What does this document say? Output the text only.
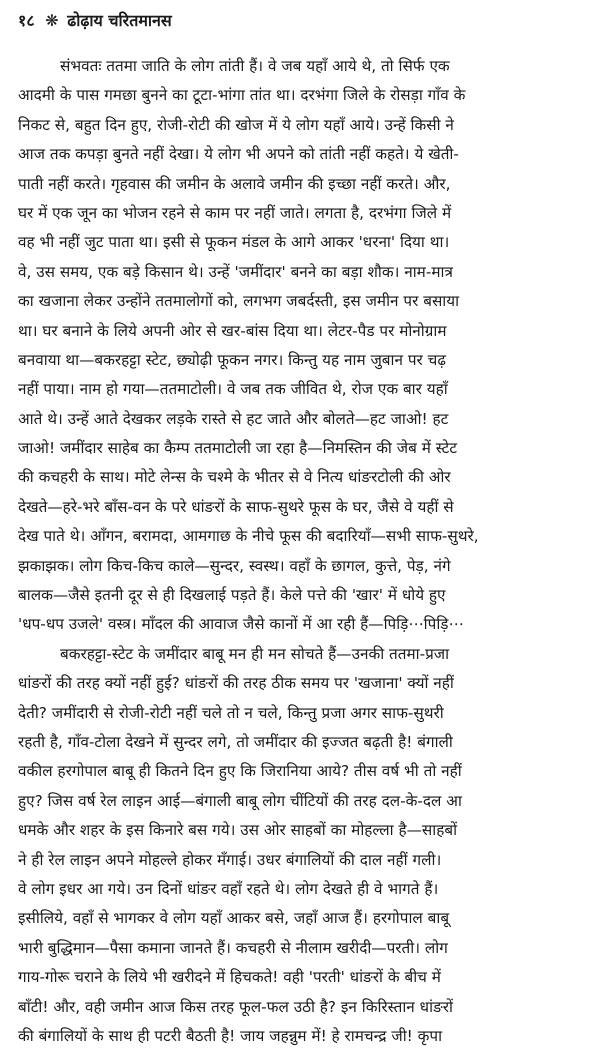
१८ ❋ ढोढ़ाय चरितमानस
संभवतः ततमा जाति के लोग तांती हैं। वे जब यहाँ आये थे, तो सिर्फ एक
आदमी के पास गमछा बुनने का टूटा-भांगा तांत था। दरभंगा जिले के रोसड़ा गाँव के
निकट से, बहुत दिन हुए, रोजी-रोटी की खोज में ये लोग यहाँ आये। उन्हें किसी ने
आज तक कपड़ा बुनते नहीं देखा। ये लोग भी अपने को तांती नहीं कहते। ये खेती-
पाती नहीं करते। गृहवास की जमीन के अलावे जमीन की इच्छा नहीं करते। और,
घर में एक जून का भोजन रहने से काम पर नहीं जाते। लगता है, दरभंगा जिले में
वह भी नहीं जुट पाता था। इसी से फूकन मंडल के आगे आकर 'धरना' दिया था।
वे, उस समय, एक बड़े किसान थे। उन्हें 'जमींदार' बनने का बड़ा शौक। नाम-मात्र
का खजाना लेकर उन्होंने ततमालोगों को, लगभग जबर्दस्ती, इस जमीन पर बसाया
था। घर बनाने के लिये अपनी ओर से खर-बांस दिया था। लेटर-पैड पर मोनोग्राम
बनवाया था—बकरहट्टा स्टेट, छ्योढ़ी फूकन नगर। किन्तु यह नाम जुबान पर चढ़
नहीं पाया। नाम हो गया—ततमाटोली। वे जब तक जीवित थे, रोज एक बार यहाँ
आते थे। उन्हें आते देखकर लड़के रास्ते से हट जाते और बोलते—हट जाओ! हट
जाओ! जमींदार साहेब का कैम्प ततमाटोली जा रहा है—निमस्तिन की जेब में स्टेट
की कचहरी के साथ। मोटे लेन्स के चश्मे के भीतर से वे नित्य धांङरटोली की ओर
देखते—हरे-भरे बाँस-वन के परे धांङरों के साफ-सुथरे फूस के घर, जैसे वे यहीं से
देख पाते थे। आँगन, बरामदा, आमगाछ के नीचे फूस की बदारियाँ—सभी साफ-सुथरे,
झकाझक। लोग किच-किच काले—सुन्दर, स्वस्थ। वहाँ के छागल, कुत्ते, पेड़, नंगे
बालक—जैसे इतनी दूर से ही दिखलाई पड़ते हैं। केले पत्ते की 'खार' में धोये हुए
'धप-धप उजले' वस्त्र। माँदल की आवाज जैसे कानों में आ रही हैं—पिड़ि⋯पिड़ि⋯
बकरहट्टा-स्टेट के जमींदार बाबू मन ही मन सोचते हैं—उनकी ततमा-प्रजा
धांङरों की तरह क्यों नहीं हुई? धांङरों की तरह ठीक समय पर 'खजाना' क्यों नहीं
देती? जमींदारी से रोजी-रोटी नहीं चले तो न चले, किन्तु प्रजा अगर साफ-सुथरी
रहती है, गाँव-टोला देखने में सुन्दर लगे, तो जमींदार की इज्जत बढ़ती है! बंगाली
वकील हरगोपाल बाबू ही कितने दिन हुए कि जिरानिया आये? तीस वर्ष भी तो नहीं
हुए? जिस वर्ष रेल लाइन आई—बंगाली बाबू लोग चींटियों की तरह दल-के-दल आ
धमके और शहर के इस किनारे बस गये। उस ओर साहबों का मोहल्ला है—साहबों
ने ही रेल लाइन अपने मोहल्ले होकर मँगाई। उधर बंगालियों की दाल नहीं गली।
वे लोग इधर आ गये। उन दिनों धांङर वहाँ रहते थे। लोग देखते ही वे भागते हैं।
इसीलिये, वहाँ से भागकर वे लोग यहाँ आकर बसे, जहाँ आज हैं। हरगोपाल बाबू
भारी बुद्धिमान—पैसा कमाना जानते हैं। कचहरी से नीलाम खरीदी—परती। लोग
गाय-गोरू चराने के लिये भी खरीदने में हिचकते! वही 'परती' धांङरों के बीच में
बाँटी! और, वही जमीन आज किस तरह फूल-फल उठी है? इन किरिस्तान धांङरों
की बंगालियों के साथ ही पटरी बैठती है! जाय जहन्नुम में! हे रामचन्द्र जी! कृपा
